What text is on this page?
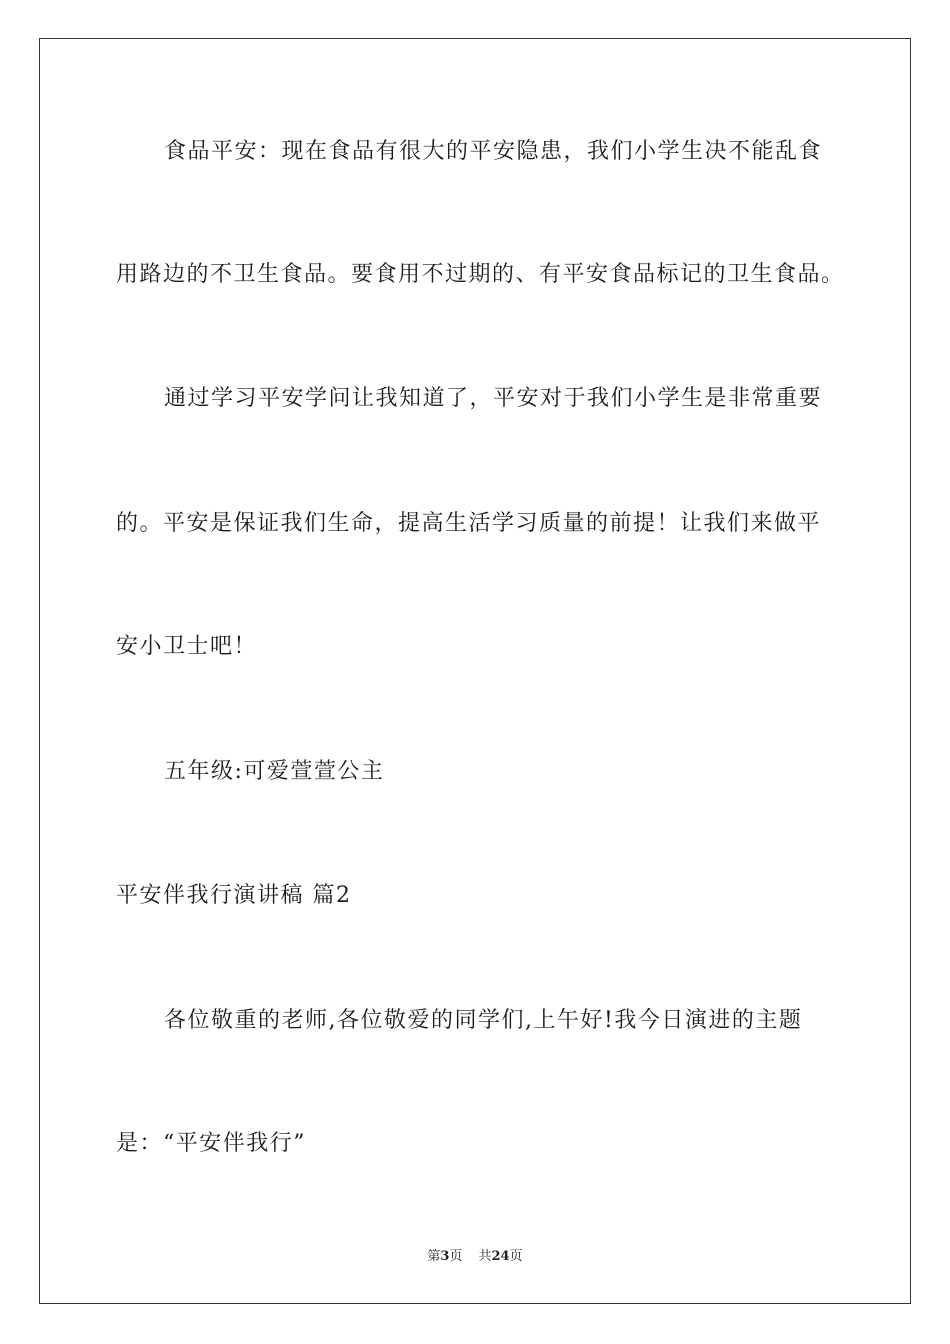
食品平安：现在食品有很大的平安隐患，我们小学生决不能乱食
用路边的不卫生食品。要食用不过期的、有平安食品标记的卫生食品。
通过学习平安学问让我知道了，平安对于我们小学生是非常重要
的。平安是保证我们生命，提高生活学习质量的前提！让我们来做平
安小卫士吧！
五年级:可爱萱萱公主
平安伴我行演讲稿 篇2
各位敬重的老师,各位敬爱的同学们,上午好!我今日演进的主题
是：“平安伴我行”
第3页 共24页
